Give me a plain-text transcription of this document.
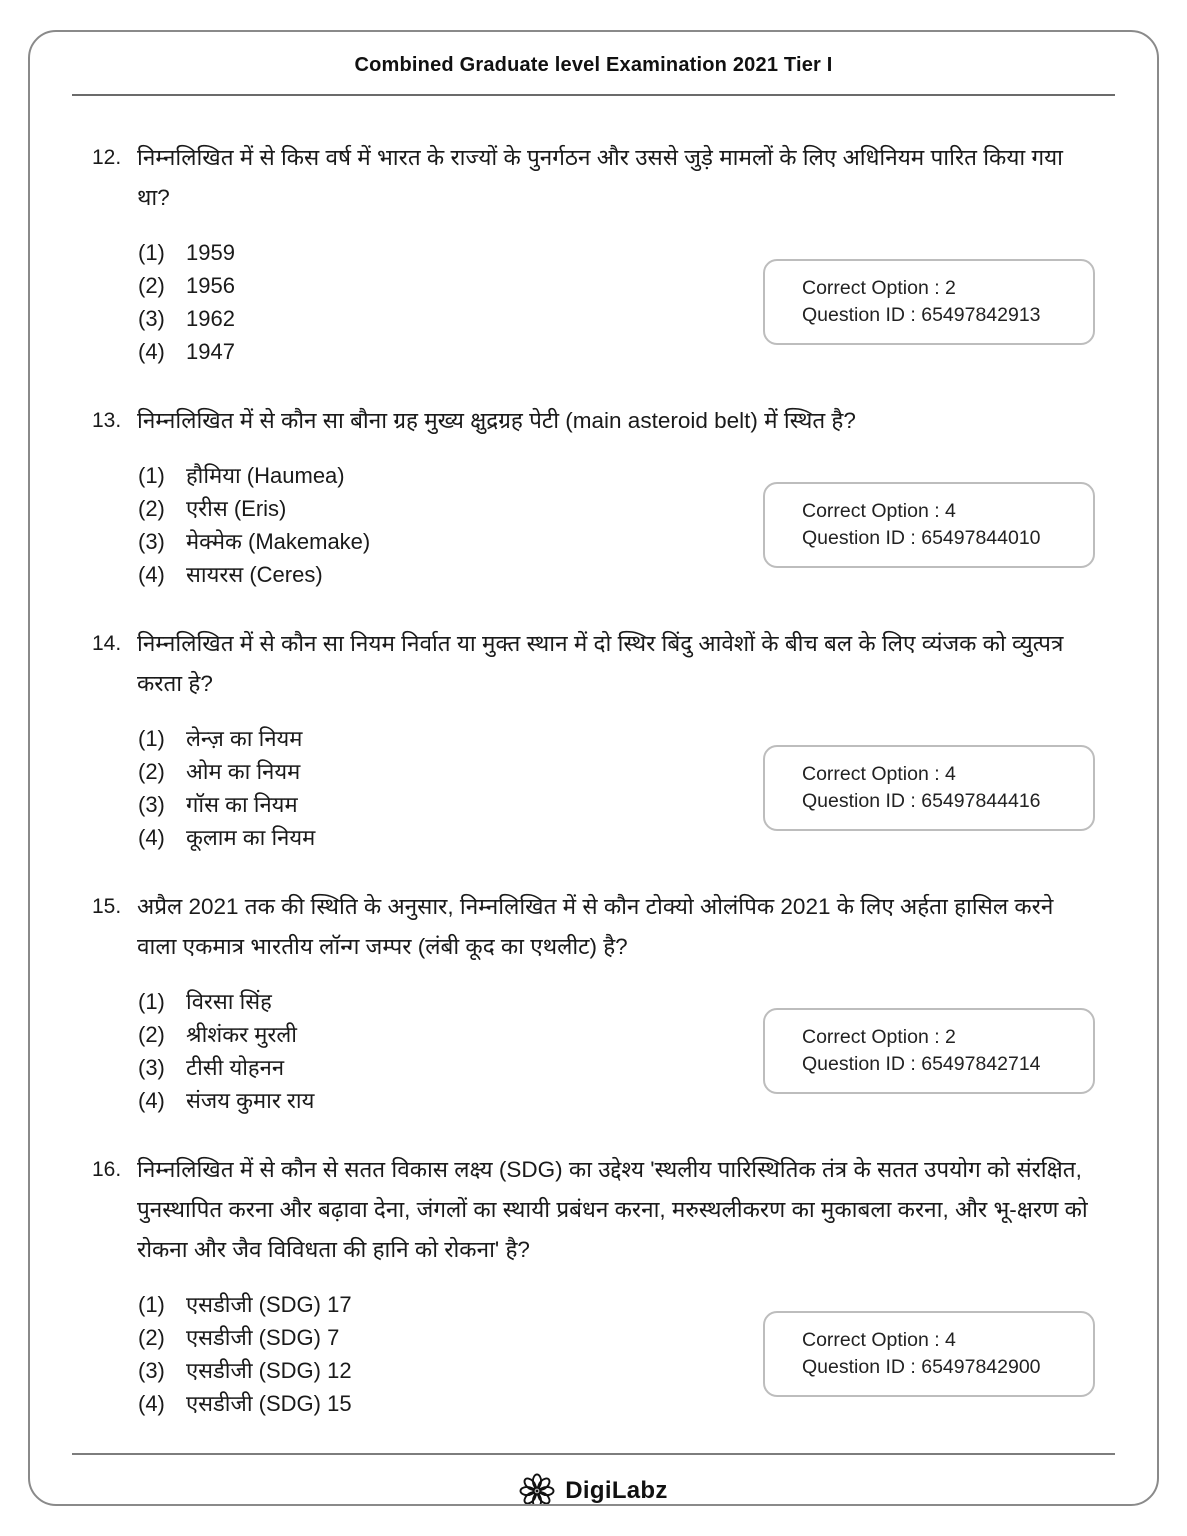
Combined Graduate level Examination 2021 Tier I
12. निम्नलिखित में से किस वर्ष में भारत के राज्यों के पुनर्गठन और उससे जुड़े मामलों के लिए अधिनियम पारित किया गया था?
(1) 1959
(2) 1956
(3) 1962
(4) 1947
Correct Option : 2
Question ID : 65497842913
13. निम्नलिखित में से कौन सा बौना ग्रह मुख्य क्षुद्रग्रह पेटी (main asteroid belt) में स्थित है?
(1) हौमिया (Haumea)
(2) एरीस (Eris)
(3) मेक्मेक (Makemake)
(4) सायरस (Ceres)
Correct Option : 4
Question ID : 65497844010
14. निम्नलिखित में से कौन सा नियम निर्वात या मुक्त स्थान में दो स्थिर बिंदु आवेशों के बीच बल के लिए व्यंजक को व्युत्पत्र करता हे?
(1) लेन्ज़ का नियम
(2) ओम का नियम
(3) गॉस का नियम
(4) कूलाम का नियम
Correct Option : 4
Question ID : 65497844416
15. अप्रैल 2021 तक की स्थिति के अनुसार, निम्नलिखित में से कौन टोक्यो ओलंपिक 2021 के लिए अर्हता हासिल करने वाला एकमात्र भारतीय लॉन्ग जम्पर (लंबी कूद का एथलीट) है?
(1) विरसा सिंह
(2) श्रीशंकर मुरली
(3) टीसी योहनन
(4) संजय कुमार राय
Correct Option : 2
Question ID : 65497842714
16. निम्नलिखित में से कौन से सतत विकास लक्ष्य (SDG) का उद्देश्य 'स्थलीय पारिस्थितिक तंत्र के सतत उपयोग को संरक्षित, पुनस्थापित करना और बढ़ावा देना, जंगलों का स्थायी प्रबंधन करना, मरुस्थलीकरण का मुकाबला करना, और भू-क्षरण को रोकना और जैव विविधता की हानि को रोकना' है?
(1) एसडीजी (SDG) 17
(2) एसडीजी (SDG) 7
(3) एसडीजी (SDG) 12
(4) एसडीजी (SDG) 15
Correct Option : 4
Question ID : 65497842900
DigiLabz
